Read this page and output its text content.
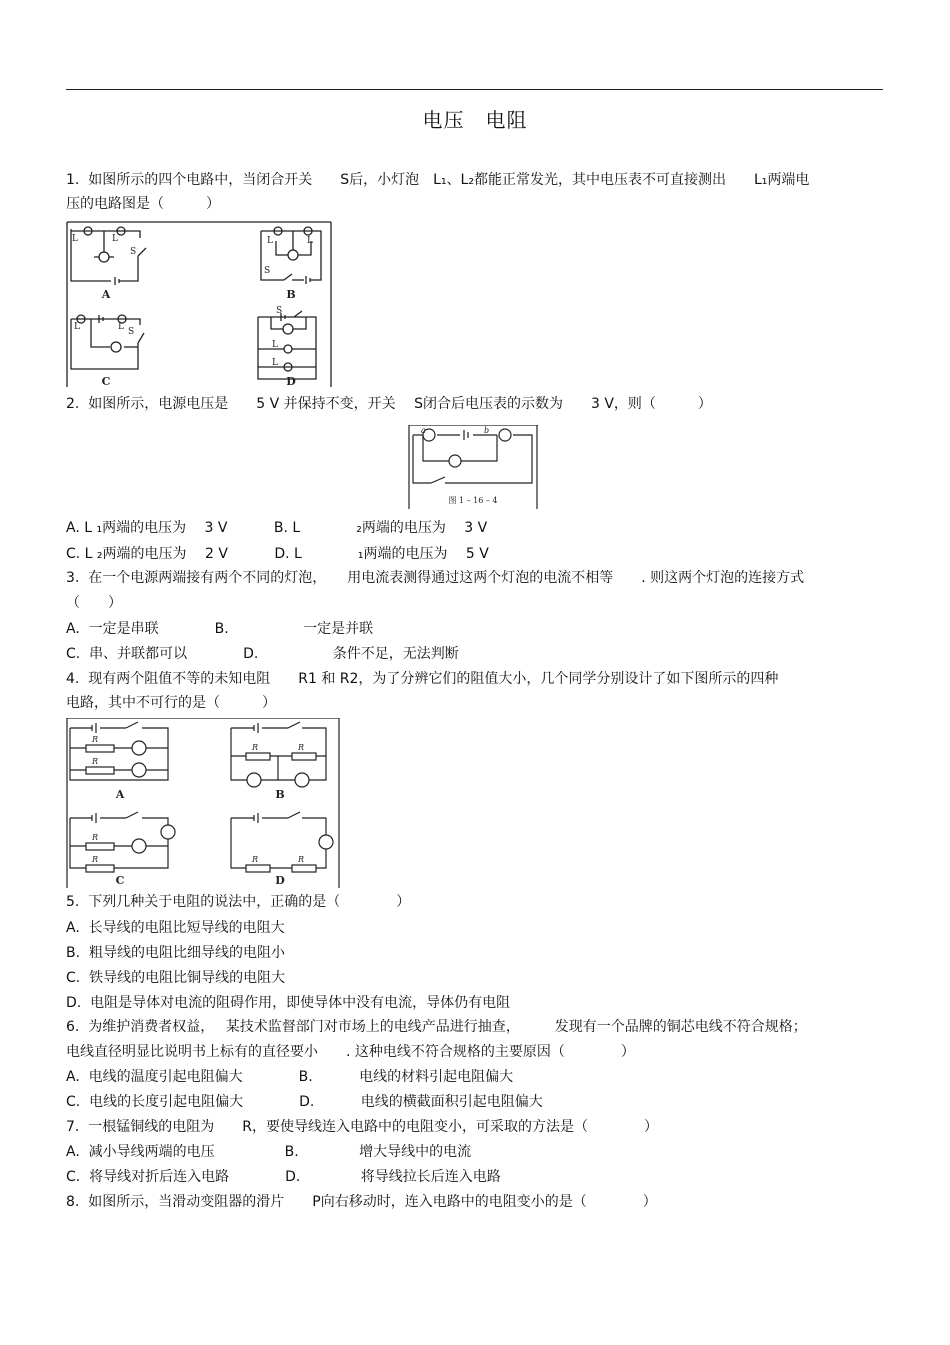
电压　电阻
1.  如图所示的四个电路中，当闭合开关　　S后，小灯泡　L₁、L₂都能正常发光，其中电压表不可直接测出　　L₁两端电
压的电路图是（　　　）
L	L
S
L	L
S
L	L S
L
L
S
A	B
C	D
2.  如图所示，电源电压是　　5 V 并保持不变，开关　 S闭合后电压表的示数为　　3 V，则（　　　）
a	b
图 1 – 16 – 4
A. L ₁两端的电压为　 3 V　　　 B. L　　　　₂两端的电压为　 3 V
C. L ₂两端的电压为　 2 V　　　 D. L　　　　₁两端的电压为　 5 V
3.  在一个电源两端接有两个不同的灯泡，　　用电流表测得通过这两个灯泡的电流不相等　　. 则这两个灯泡的连接方式
（　　）
A.  一定是串联　　　　B.　　　　　 一定是并联
C.  串、并联都可以　　　　D.　　　　　 条件不足，无法判断
4.  现有两个阻值不等的未知电阻　　R1 和 R2，为了分辨它们的阻值大小，几个同学分别设计了如下图所示的四种
电路，其中不可行的是（　　　）
R
R
R	R
R
R	R	R
A	B
C	D
5.  下列几种关于电阻的说法中，正确的是（　　　　）
A.  长导线的电阻比短导线的电阻大
B.  粗导线的电阻比细导线的电阻小
C.  铁导线的电阻比铜导线的电阻大
D.  电阻是导体对电流的阻碍作用，即使导体中没有电流，导体仍有电阻
6.  为维护消费者权益，　 某技术监督部门对市场上的电线产品进行抽查，　　　发现有一个品牌的铜芯电线不符合规格；
电线直径明显比说明书上标有的直径要小　　. 这种电线不符合规格的主要原因（　　　　）
A.  电线的温度引起电阻偏大　　　　B.　　　 电线的材料引起电阻偏大
C.  电线的长度引起电阻偏大　　　　D.　　　 电线的横截面积引起电阻偏大
7.  一根锰铜线的电阻为　　R，要使导线连入电路中的电阻变小，可采取的方法是（　　　　）
A.  减小导线两端的电压　　　　　B.　　　　 增大导线中的电流
C.  将导线对折后连入电路　　　　D.　　　　 将导线拉长后连入电路
8.  如图所示，当滑动变阻器的滑片　　P向右移动时，连入电路中的电阻变小的是（　　　　）
